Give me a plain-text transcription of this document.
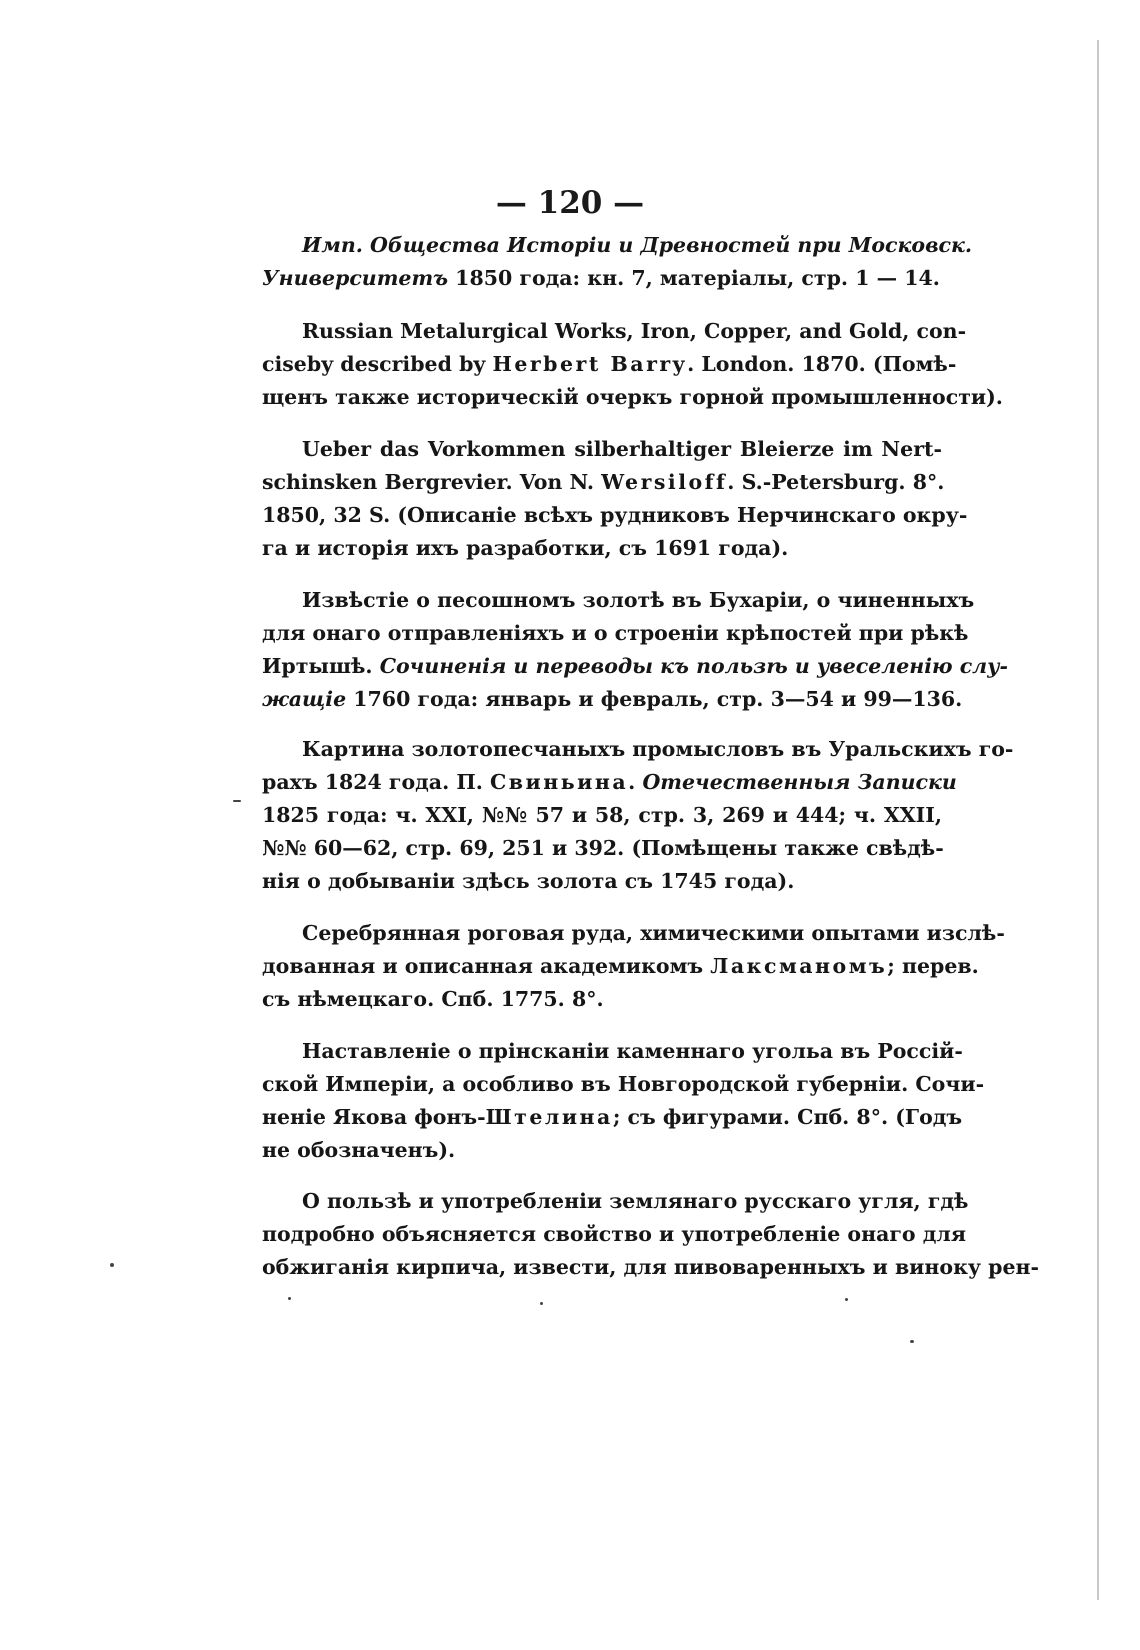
— 120 —
Имп. Общества Исторіи и Древностей при Московск.
Университетъ 1850 года: кн. 7, матеріалы, стр. 1 — 14.
Russian Metalurgical Works, Iron, Copper, and Gold, con-
ciseby described by Herbert Barry. London. 1870. (Помѣ-
щенъ также историческій очеркъ горной промышленности).
Ueber das Vorkommen silberhaltiger Bleierze im Nert-
schinsken Bergrevier. Von N. Wersiloff. S.-Petersburg. 8°.
1850, 32 S. (Описаніе всѣхъ рудниковъ Нерчинскаго окру-
га и исторія ихъ разработки, съ 1691 года).
Извѣстіе о песошномъ золотѣ въ Бухаріи, о чиненныхъ
для онаго отправленіяхъ и о строеніи крѣпостей при рѣкѣ
Иртышѣ. Сочиненія и переводы къ пользѣ и увеселенію слу-
жащіе 1760 года: январь и февраль, стр. 3—54 и 99—136.
Картина золотопесчаныхъ промысловъ въ Уральскихъ го-
рахъ 1824 года. П. Свиньина. Отечественныя Записки
1825 года: ч. XXI, №№ 57 и 58, стр. 3, 269 и 444; ч. XXII,
№№ 60—62, стр. 69, 251 и 392. (Помѣщены также свѣдѣ-
нія о добываніи здѣсь золота съ 1745 года).
Серебрянная роговая руда, химическими опытами изслѣ-
дованная и описанная академикомъ Лаксманомъ; перев.
съ нѣмецкаго. Спб. 1775. 8°.
Наставленіе о прінсканіи каменнаго угольа въ Россій-
ской Имперіи, а особливо въ Новгородской губерніи. Сочи-
неніе Якова фонъ-Штелина; съ фигурами. Спб. 8°. (Годъ
не обозначенъ).
О пользѣ и употребленіи землянаго русскаго угля, гдѣ
подробно объясняется свойство и употребленіе онаго для
обжиганія кирпича, извести, для пивоваренныхъ и виноку рен-
